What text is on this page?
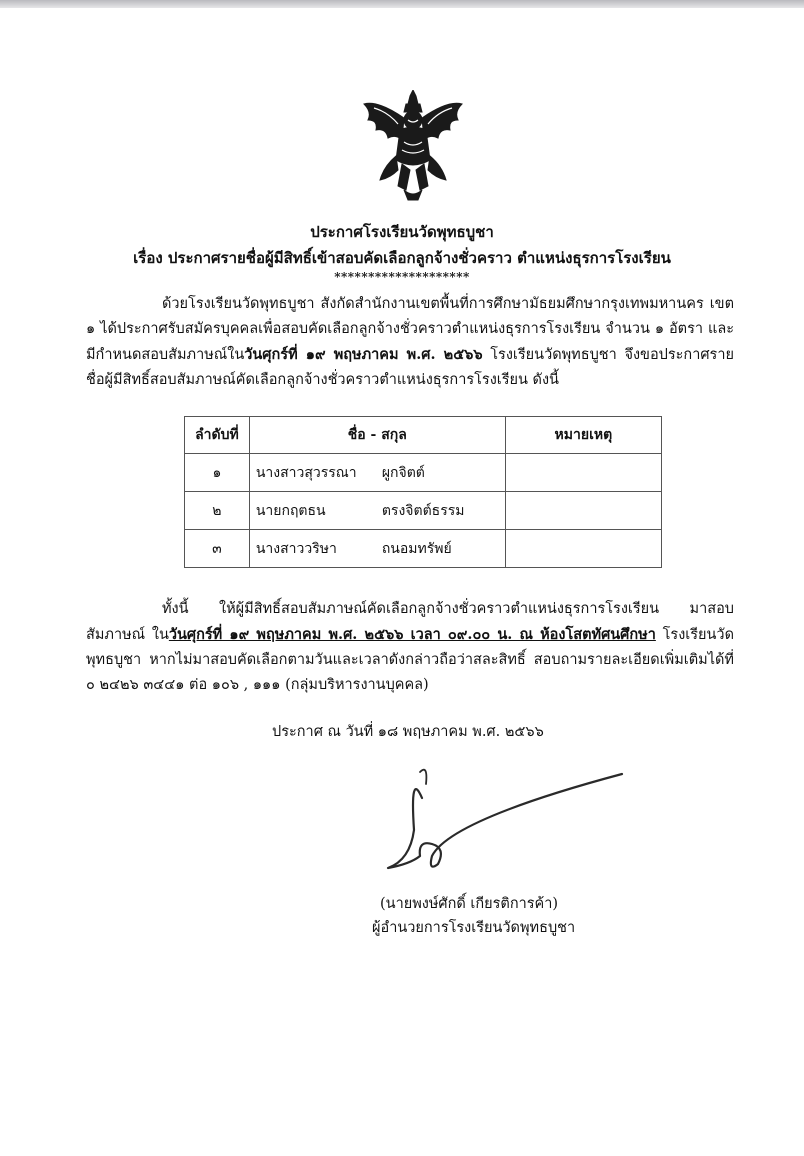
ประกาศโรงเรียนวัดพุทธบูชา
เรื่อง ประกาศรายชื่อผู้มีสิทธิ์เข้าสอบคัดเลือกลูกจ้างชั่วคราว ตำแหน่งธุรการโรงเรียน
********************
ด้วยโรงเรียนวัดพุทธบูชา สังกัดสำนักงานเขตพื้นที่การศึกษามัธยมศึกษากรุงเทพมหานคร เขต ๑ ได้ประกาศรับสมัครบุคคลเพื่อสอบคัดเลือกลูกจ้างชั่วคราวตำแหน่งธุรการโรงเรียน จำนวน ๑ อัตรา และมีกำหนดสอบสัมภาษณ์ในวันศุกร์ที่ ๑๙ พฤษภาคม พ.ศ. ๒๕๖๖ โรงเรียนวัดพุทธบูชา จึงขอประกาศรายชื่อผู้มีสิทธิ์สอบสัมภาษณ์คัดเลือกลูกจ้างชั่วคราวตำแหน่งธุรการโรงเรียน ดังนี้
ลำดับที่	ชื่อ - สกุล	หมายเหตุ
๑	นางสาวสุวรรณา ผูกจิตต์	
๒	นายกฤตธน ตรงจิตต์ธรรม	
๓	นางสาววริษา ถนอมทรัพย์	
ทั้งนี้ ให้ผู้มีสิทธิ์สอบสัมภาษณ์คัดเลือกลูกจ้างชั่วคราวตำแหน่งธุรการโรงเรียน มาสอบสัมภาษณ์ ในวันศุกร์ที่ ๑๙ พฤษภาคม พ.ศ. ๒๕๖๖ เวลา ๐๙.๐๐ น. ณ ห้องโสตทัศนศึกษา โรงเรียนวัดพุทธบูชา หากไม่มาสอบคัดเลือกตามวันและเวลาดังกล่าวถือว่าสละสิทธิ์ สอบถามรายละเอียดเพิ่มเติมได้ที่ ๐ ๒๔๒๖ ๓๔๔๑ ต่อ ๑๐๖ , ๑๑๑ (กลุ่มบริหารงานบุคคล)
ประกาศ ณ วันที่ ๑๘ พฤษภาคม พ.ศ. ๒๕๖๖
(นายพงษ์ศักดิ์ เกียรติการค้า)
ผู้อำนวยการโรงเรียนวัดพุทธบูชา
